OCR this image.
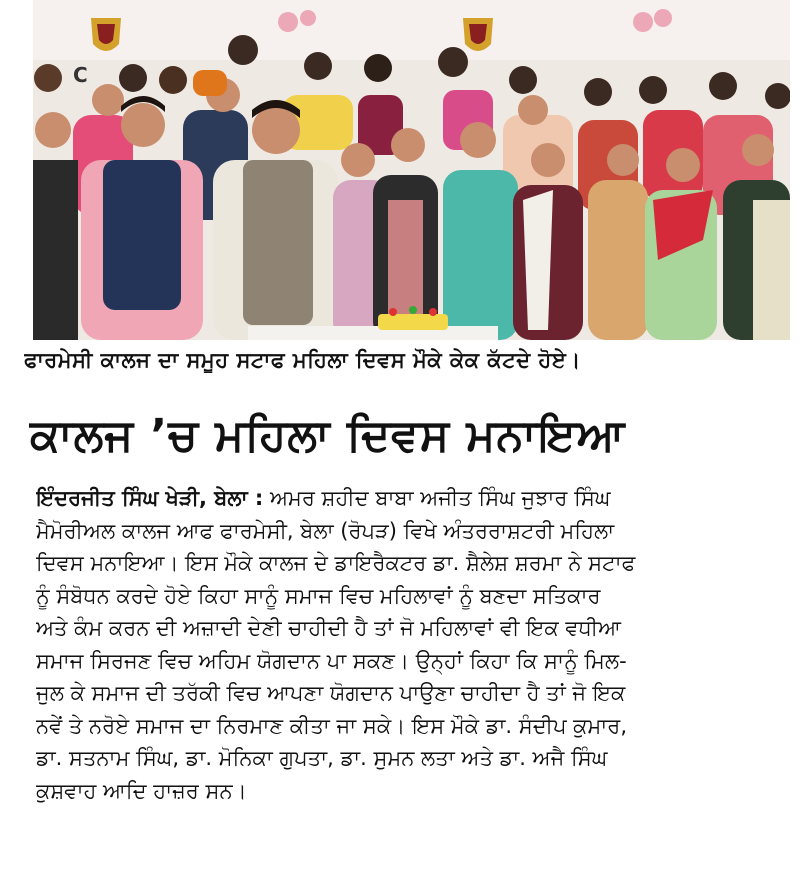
C
ਫਾਰਮੇਸੀ ਕਾਲਜ ਦਾ ਸਮੂਹ ਸਟਾਫ ਮਹਿਲਾ ਦਿਵਸ ਮੌਕੇ ਕੇਕ ਕੱਟਦੇ ਹੋਏ।
ਕਾਲਜ ’ਚ ਮਹਿਲਾ ਦਿਵਸ ਮਨਾਇਆ
ਇੰਦਰਜੀਤ ਸਿੰਘ ਖੇੜੀ, ਬੇਲਾ : ਅਮਰ ਸ਼ਹੀਦ ਬਾਬਾ ਅਜੀਤ ਸਿੰਘ ਜੁਝਾਰ ਸਿੰਘ
ਮੈਮੋਰੀਅਲ ਕਾਲਜ ਆਫ ਫਾਰਮੇਸੀ, ਬੇਲਾ (ਰੋਪੜ) ਵਿਖੇ ਅੰਤਰਰਾਸ਼ਟਰੀ ਮਹਿਲਾ
ਦਿਵਸ ਮਨਾਇਆ। ਇਸ ਮੌਕੇ ਕਾਲਜ ਦੇ ਡਾਇਰੈਕਟਰ ਡਾ. ਸ਼ੈਲੇਸ਼ ਸ਼ਰਮਾ ਨੇ ਸਟਾਫ
ਨੂੰ ਸੰਬੋਧਨ ਕਰਦੇ ਹੋਏ ਕਿਹਾ ਸਾਨੂੰ ਸਮਾਜ ਵਿਚ ਮਹਿਲਾਵਾਂ ਨੂੰ ਬਣਦਾ ਸਤਿਕਾਰ
ਅਤੇ ਕੰਮ ਕਰਨ ਦੀ ਅਜ਼ਾਦੀ ਦੇਣੀ ਚਾਹੀਦੀ ਹੈ ਤਾਂ ਜੋ ਮਹਿਲਾਵਾਂ ਵੀ ਇਕ ਵਧੀਆ
ਸਮਾਜ ਸਿਰਜਣ ਵਿਚ ਅਹਿਮ ਯੋਗਦਾਨ ਪਾ ਸਕਣ। ਉਨ੍ਹਾਂ ਕਿਹਾ ਕਿ ਸਾਨੂੰ ਮਿਲ-
ਜੁਲ ਕੇ ਸਮਾਜ ਦੀ ਤਰੱਕੀ ਵਿਚ ਆਪਣਾ ਯੋਗਦਾਨ ਪਾਉਣਾ ਚਾਹੀਦਾ ਹੈ ਤਾਂ ਜੋ ਇਕ
ਨਵੇਂ ਤੇ ਨਰੋਏ ਸਮਾਜ ਦਾ ਨਿਰਮਾਣ ਕੀਤਾ ਜਾ ਸਕੇ। ਇਸ ਮੌਕੇ ਡਾ. ਸੰਦੀਪ ਕੁਮਾਰ,
ਡਾ. ਸਤਨਾਮ ਸਿੰਘ, ਡਾ. ਮੋਨਿਕਾ ਗੁਪਤਾ, ਡਾ. ਸੁਮਨ ਲਤਾ ਅਤੇ ਡਾ. ਅਜੈ ਸਿੰਘ
ਕੁਸ਼ਵਾਹ ਆਦਿ ਹਾਜ਼ਰ ਸਨ।
